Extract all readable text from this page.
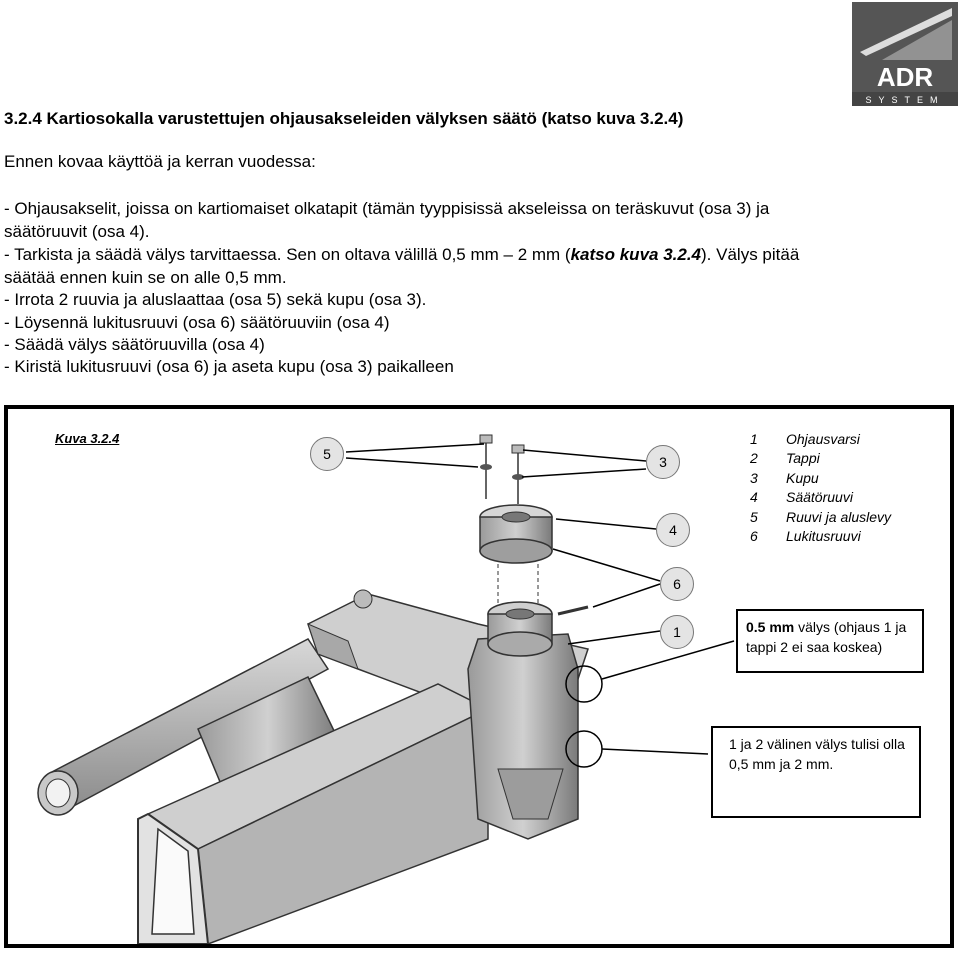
ADR
SYSTEM
3.2.4 Kartiosokalla varustettujen ohjausakseleiden välyksen säätö (katso kuva 3.2.4)
Ennen kovaa käyttöä ja kerran vuodessa:
- Ohjausakselit, joissa on kartiomaiset olkatapit (tämän tyyppisissä akseleissa on teräskuvut (osa 3) ja
säätöruuvit (osa 4).
- Tarkista ja säädä välys tarvittaessa. Sen on oltava välillä 0,5 mm – 2 mm (katso kuva 3.2.4). Välys pitää
säätää ennen kuin se on alle 0,5 mm.
- Irrota 2 ruuvia ja aluslaattaa (osa 5) sekä kupu (osa 3).
- Löysennä lukitusruuvi (osa 6) säätöruuviin (osa 4)
- Säädä välys säätöruuvilla (osa 4)
- Kiristä lukitusruuvi (osa 6) ja aseta kupu (osa 3) paikalleen
Kuva 3.2.4
5	3
4
6
1
1 Ohjausvarsi
2 Tappi
3 Kupu
4 Säätöruuvi
5 Ruuvi ja aluslevy
6 Lukitusruuvi
0.5 mm välys (ohjaus 1 ja tappi 2 ei saa koskea)
1 ja 2 välinen välys tulisi olla 0,5 mm ja 2 mm.
